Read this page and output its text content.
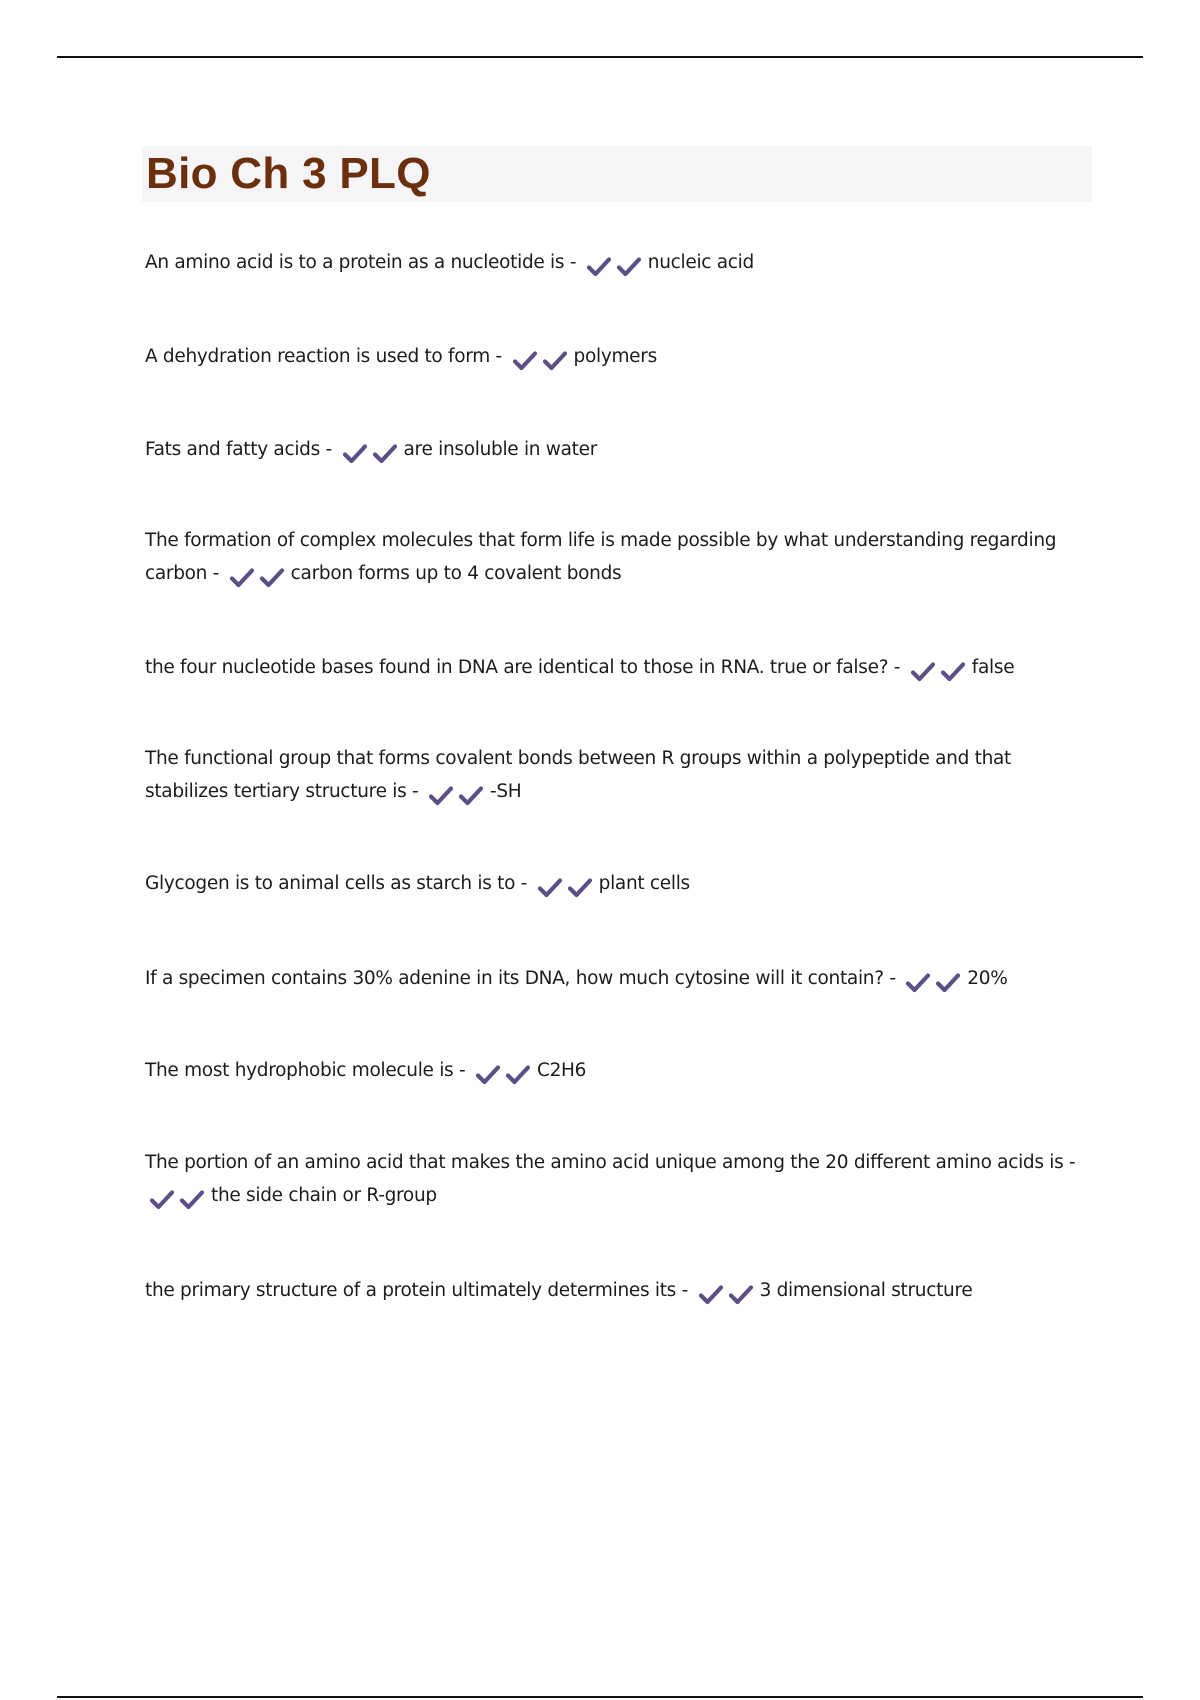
Bio Ch 3 PLQ
An amino acid is to a protein as a nucleotide is -	nucleic acid
A dehydration reaction is used to form -	polymers
Fats and fatty acids -	are insoluble in water
The formation of complex molecules that form life is made possible by what understanding regarding carbon -	carbon forms up to 4 covalent bonds
the four nucleotide bases found in DNA are identical to those in RNA. true or false? -	false
The functional group that forms covalent bonds between R groups within a polypeptide and that stabilizes tertiary structure is -	-SH
Glycogen is to animal cells as starch is to -	plant cells
If a specimen contains 30% adenine in its DNA, how much cytosine will it contain? -	20%
The most hydrophobic molecule is -	C2H6
The portion of an amino acid that makes the amino acid unique among the 20 different amino acids is -
the side chain or R-group
the primary structure of a protein ultimately determines its -	3 dimensional structure
